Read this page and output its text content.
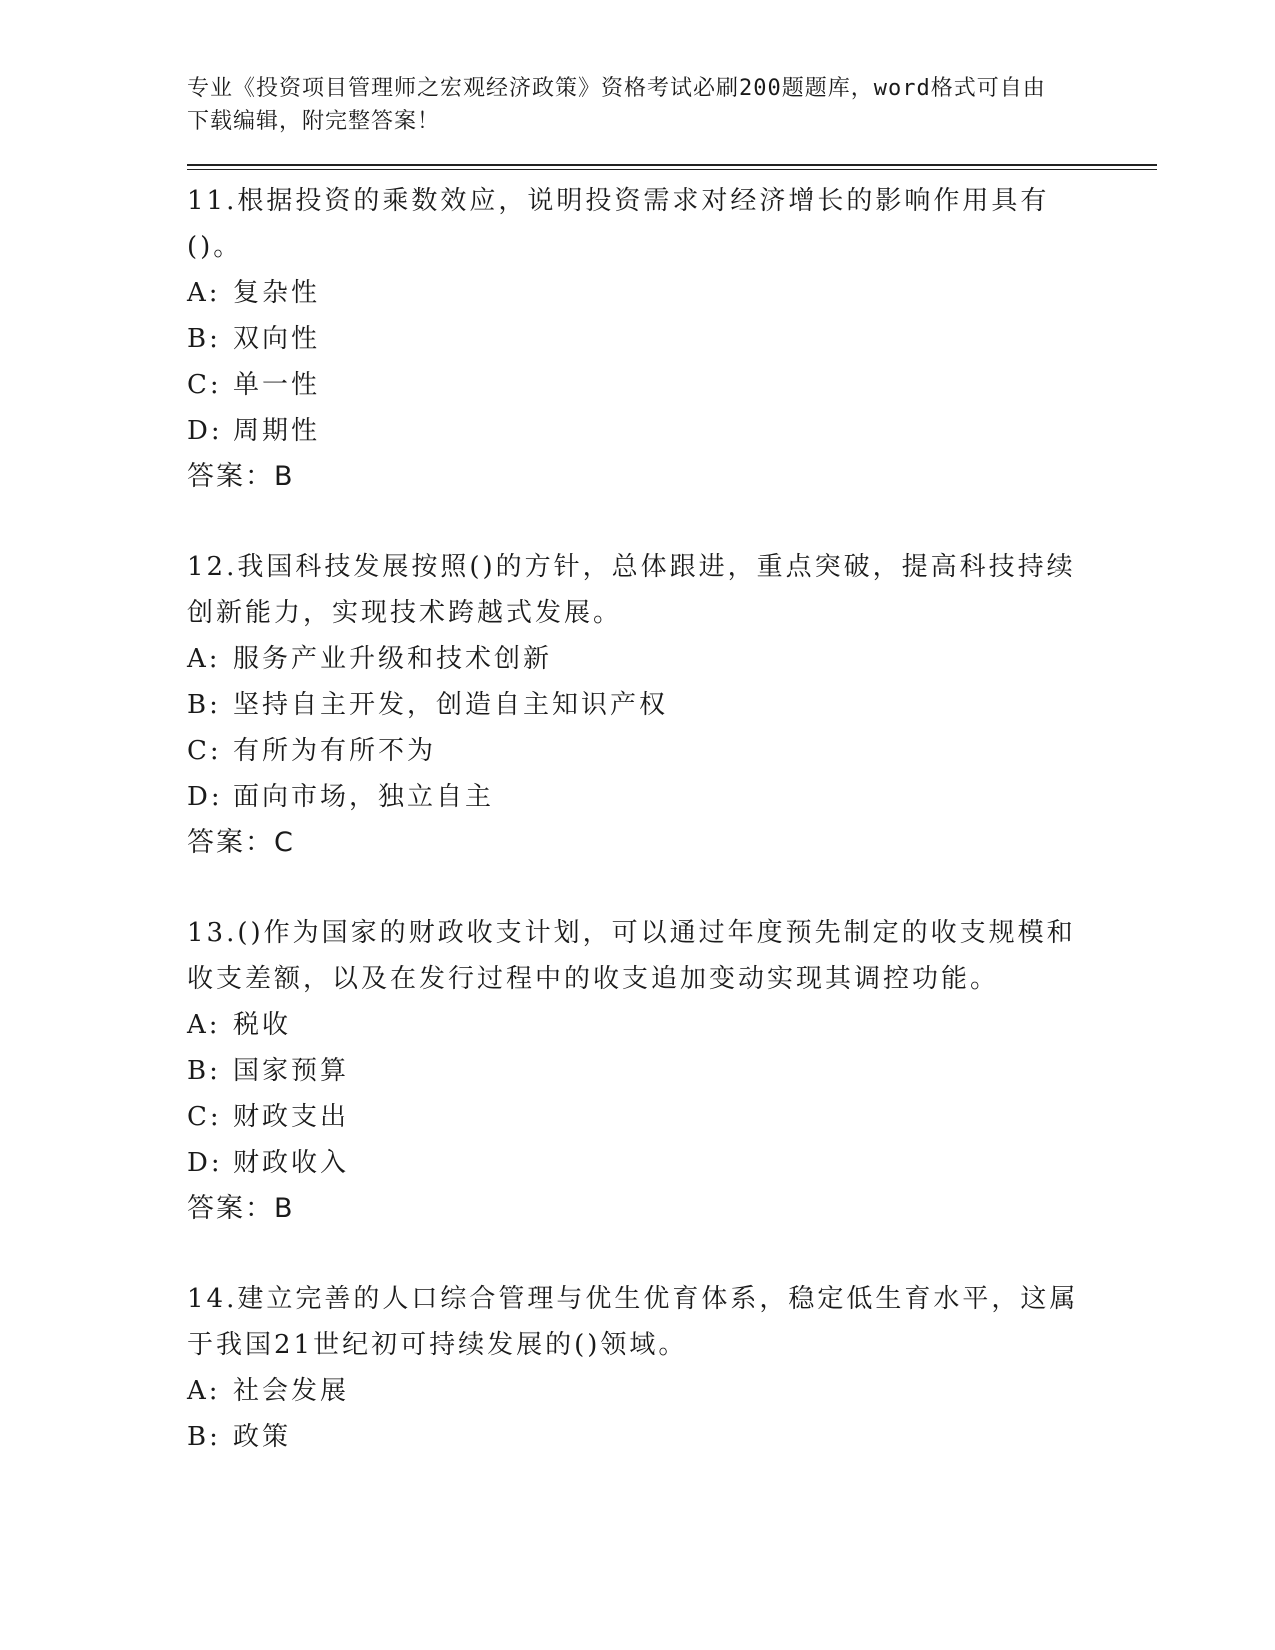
专业《投资项目管理师之宏观经济政策》资格考试必刷200题题库，word格式可自由下载编辑，附完整答案！

11.根据投资的乘数效应，说明投资需求对经济增长的影响作用具有()。

A: 复杂性

B: 双向性

C: 单一性

D: 周期性

答案：B

12.我国科技发展按照()的方针，总体跟进，重点突破，提高科技持续创新能力，实现技术跨越式发展。

A: 服务产业升级和技术创新

B: 坚持自主开发，创造自主知识产权

C: 有所为有所不为

D: 面向市场，独立自主

答案：C

13.()作为国家的财政收支计划，可以通过年度预先制定的收支规模和收支差额，以及在发行过程中的收支追加变动实现其调控功能。

A: 税收

B: 国家预算

C: 财政支出

D: 财政收入

答案：B

14.建立完善的人口综合管理与优生优育体系，稳定低生育水平，这属于我国21世纪初可持续发展的()领域。

A: 社会发展

B: 政策
